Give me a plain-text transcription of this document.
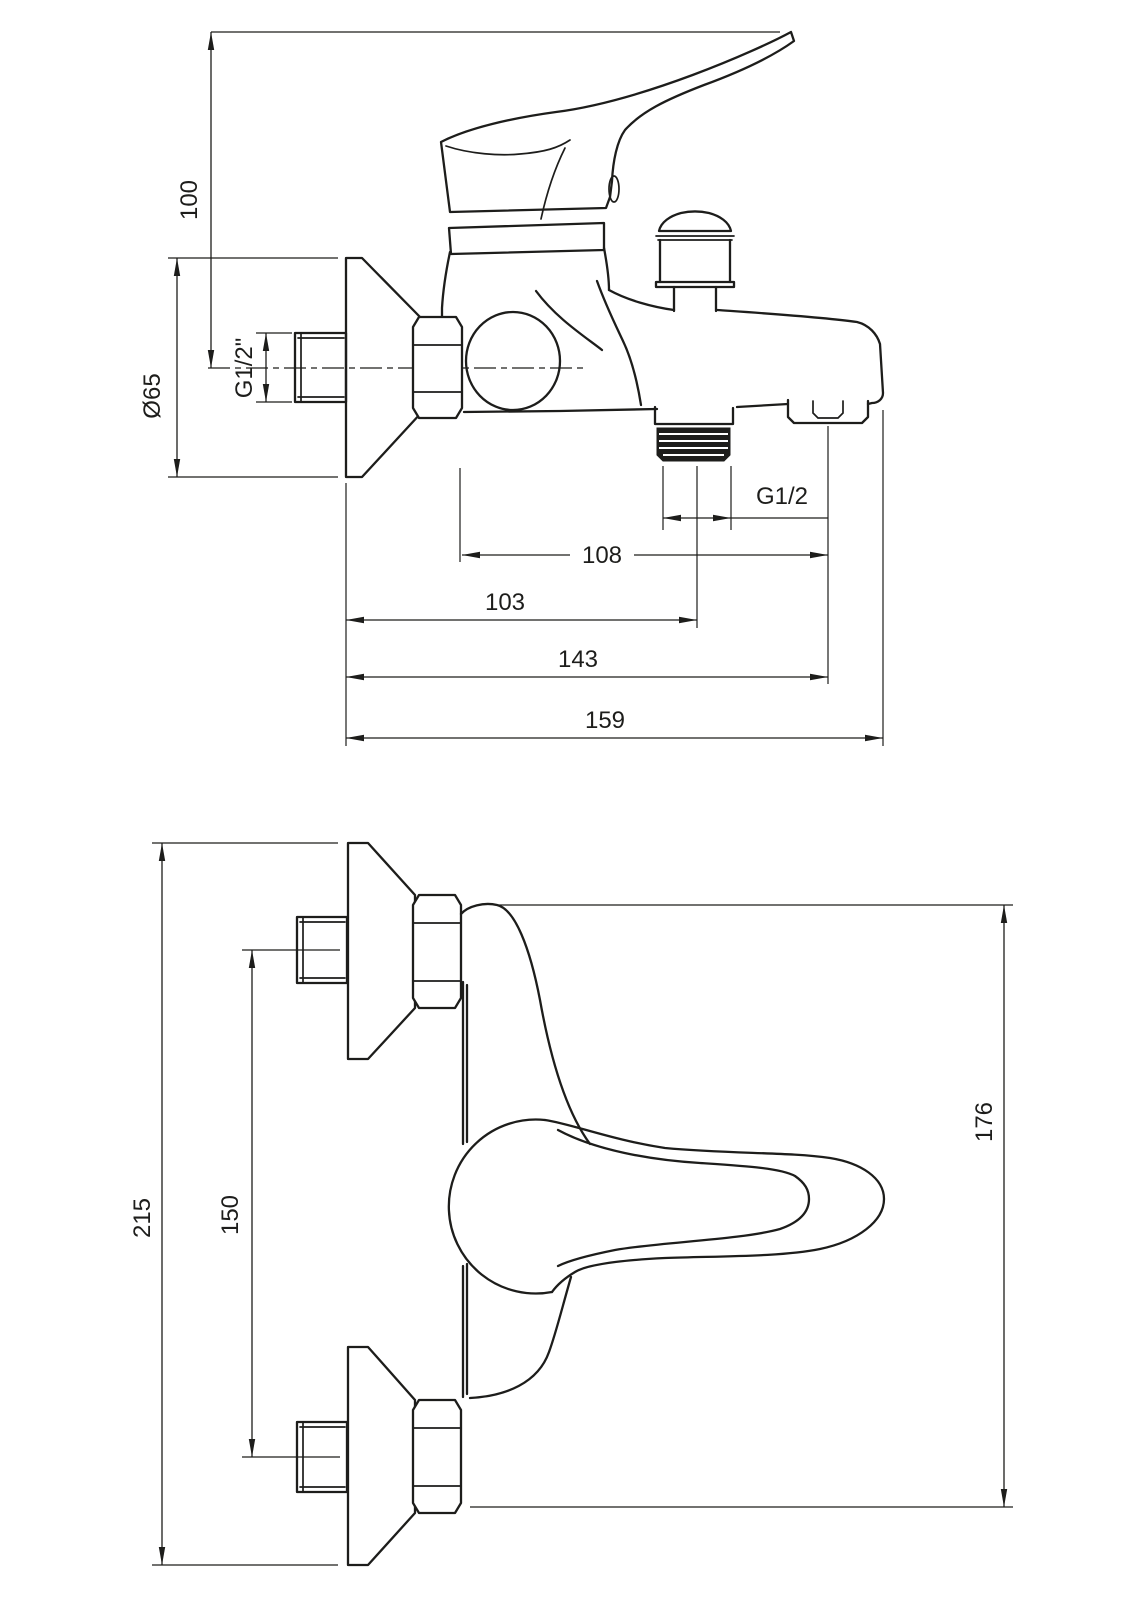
100
Ø65	G1/2"
G1/2
108
103
143
159
215	150
176
